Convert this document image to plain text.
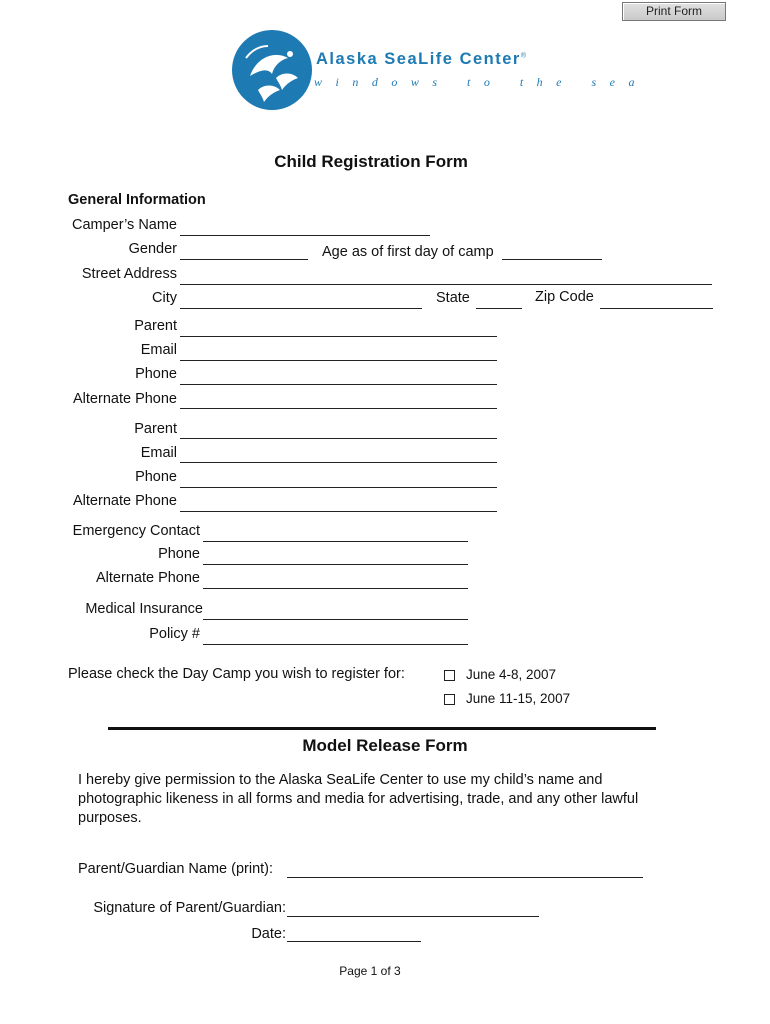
Print Form
Alaska SeaLife Center®
windows to the sea
Child Registration Form
General Information
Camper’s Name
Gender	Age as of first day of camp
Street Address
City	State	Zip Code
Parent
Email
Phone
Alternate Phone
Parent
Email
Phone
Alternate Phone
Emergency Contact
Phone
Alternate Phone
Medical Insurance
Policy #
Please check the Day Camp you wish to register for:	June 4-8, 2007
June 11-15, 2007
Model Release Form
I hereby give permission to the Alaska SeaLife Center to use my child’s name and
photographic likeness in all forms and media for advertising, trade, and any other lawful
purposes.
Parent/Guardian Name (print):
Signature of Parent/Guardian:
Date:
Page 1 of 3
